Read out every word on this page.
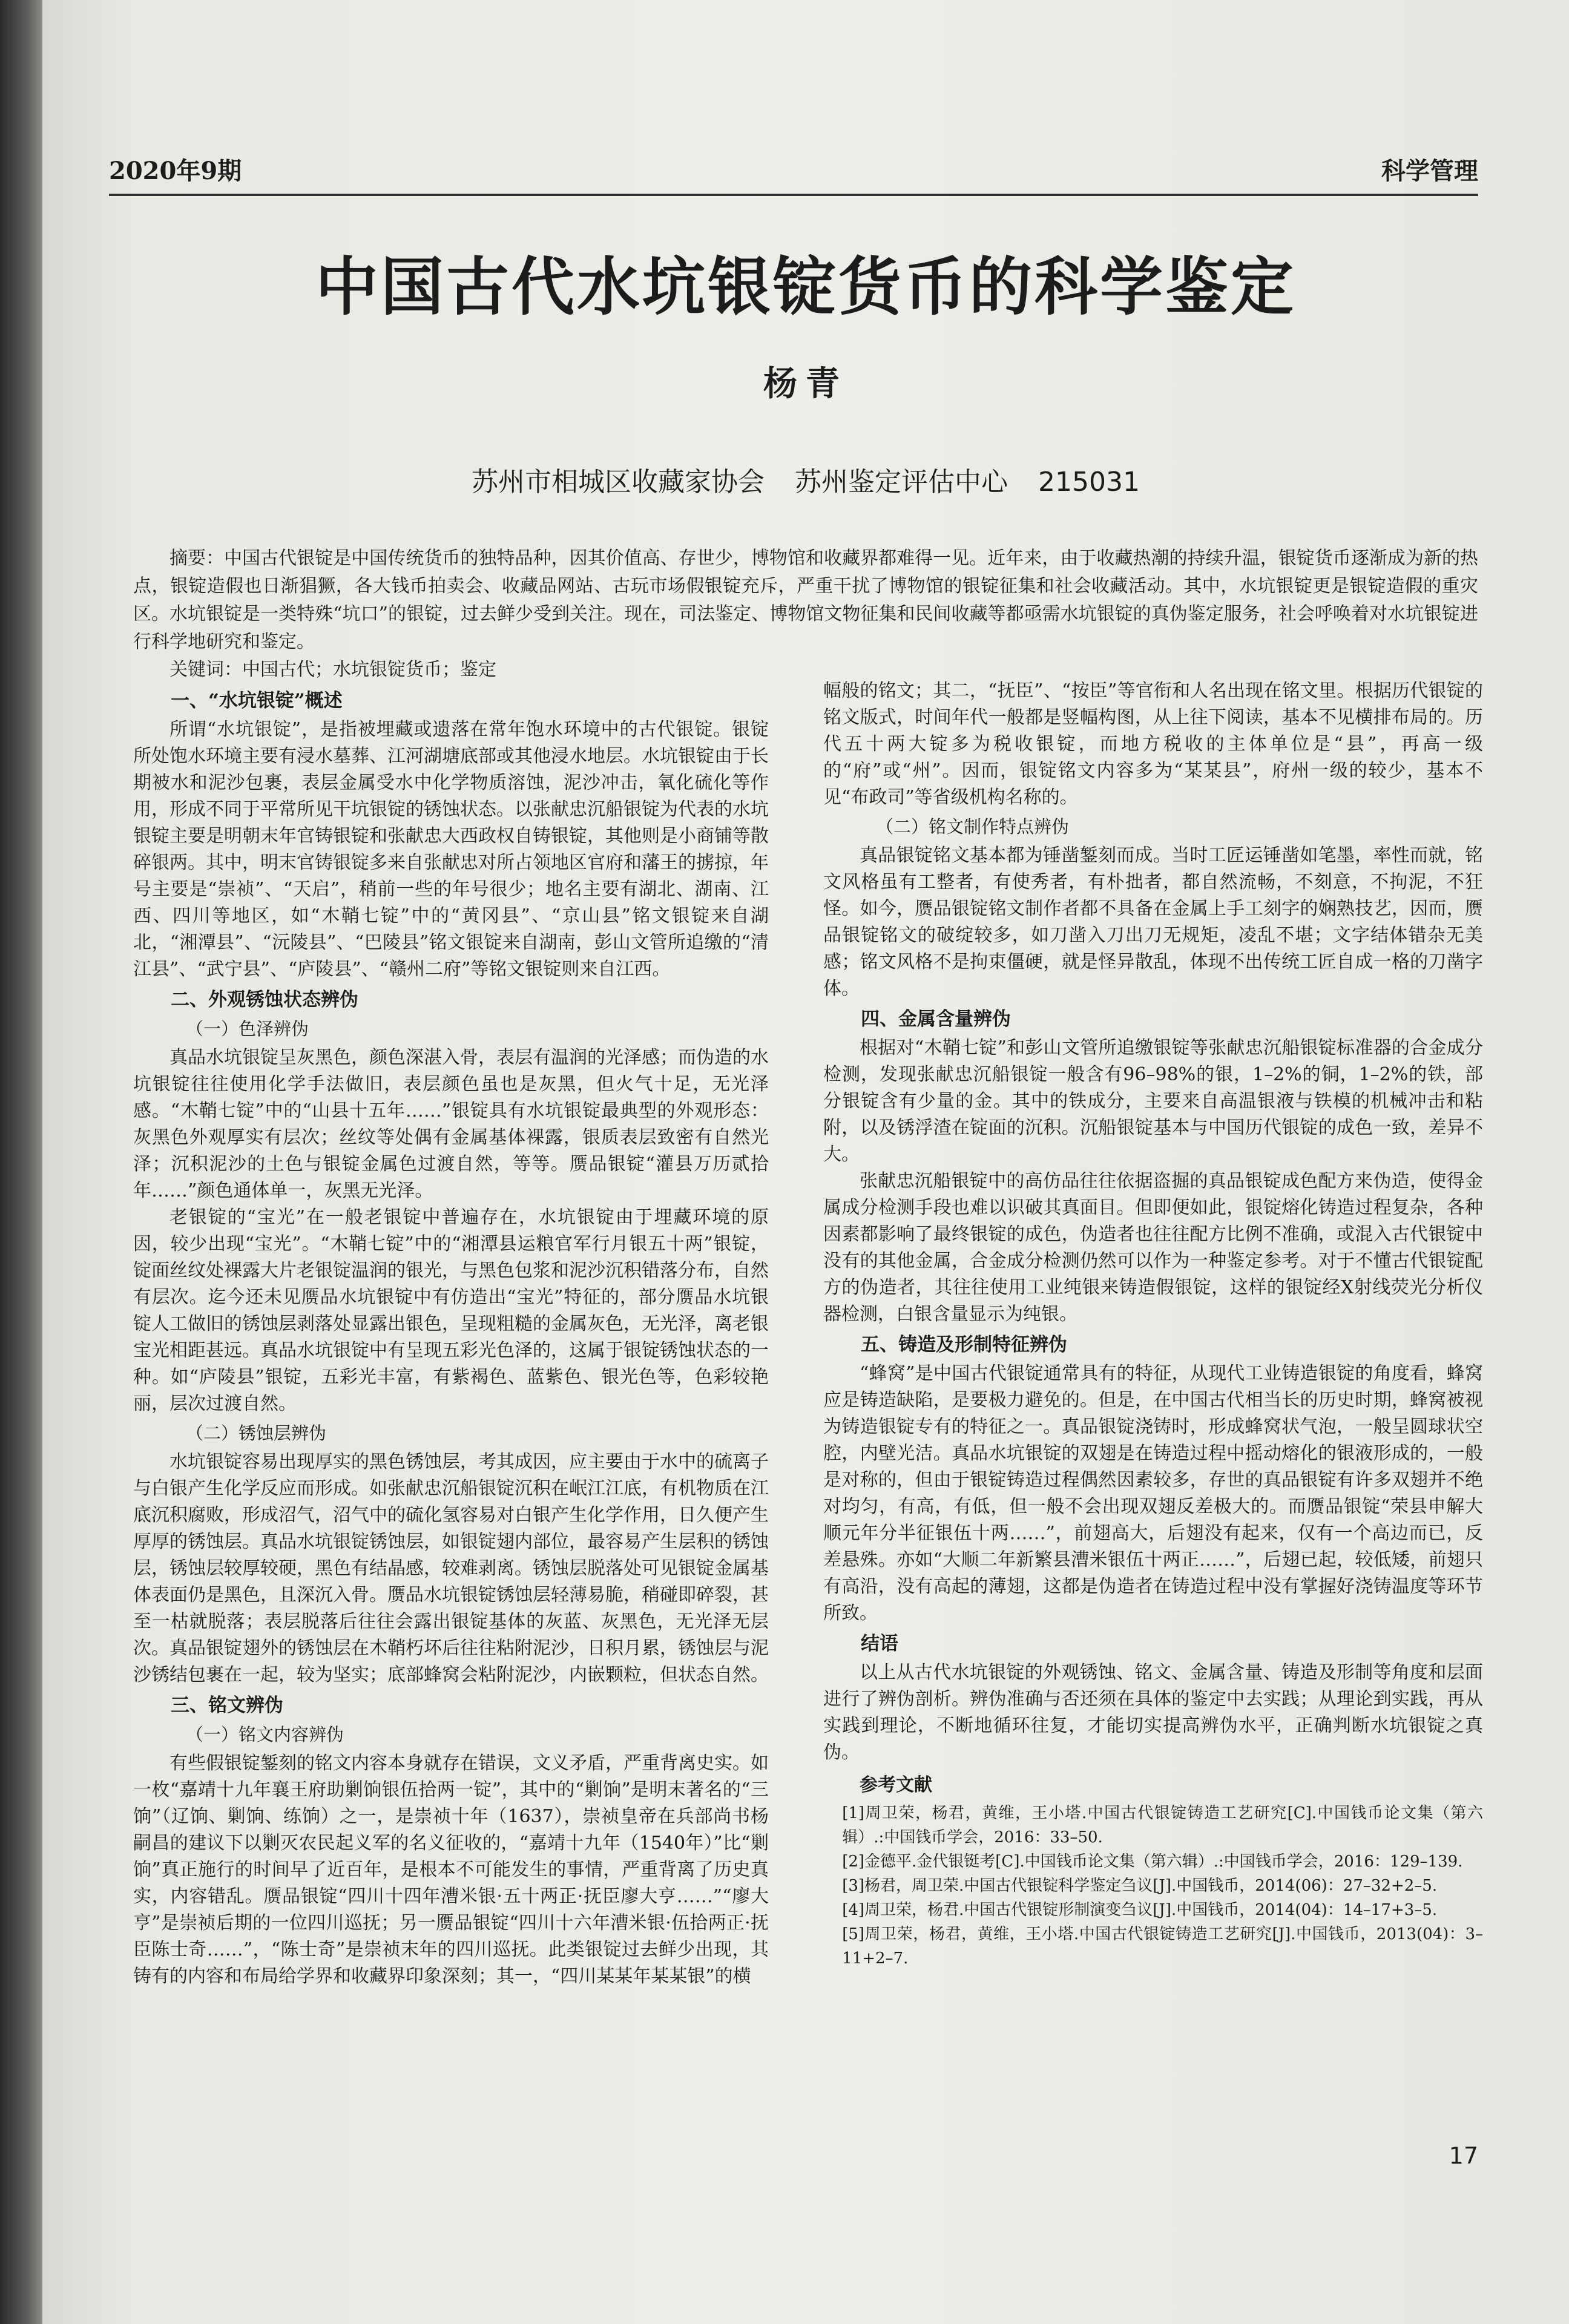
2020年9期	科学管理
中国古代水坑银锭货币的科学鉴定
杨青
苏州市相城区收藏家协会 苏州鉴定评估中心 215031

摘要：中国古代银锭是中国传统货币的独特品种，因其价值高、存世少，博物馆和收藏界都难得一见。近年来，由于收藏热潮的持续升温，银锭货币逐渐成为新的热点，银锭造假也日渐猖獗，各大钱币拍卖会、收藏品网站、古玩市场假银锭充斥，严重干扰了博物馆的银锭征集和社会收藏活动。其中，水坑银锭更是银锭造假的重灾区。水坑银锭是一类特殊“坑口”的银锭，过去鲜少受到关注。现在，司法鉴定、博物馆文物征集和民间收藏等都亟需水坑银锭的真伪鉴定服务，社会呼唤着对水坑银锭进行科学地研究和鉴定。

关键词：中国古代；水坑银锭货币；鉴定

一、“水坑银锭”概述

所谓“水坑银锭”，是指被埋藏或遗落在常年饱水环境中的古代银锭。银锭所处饱水环境主要有浸水墓葬、江河湖塘底部或其他浸水地层。水坑银锭由于长期被水和泥沙包裹，表层金属受水中化学物质溶蚀，泥沙冲击，氧化硫化等作用，形成不同于平常所见干坑银锭的锈蚀状态。以张献忠沉船银锭为代表的水坑银锭主要是明朝末年官铸银锭和张献忠大西政权自铸银锭，其他则是小商铺等散碎银两。其中，明末官铸银锭多来自张献忠对所占领地区官府和藩王的掳掠，年号主要是“崇祯”、“天启”，稍前一些的年号很少；地名主要有湖北、湖南、江西、四川等地区，如“木鞘七锭”中的“黄冈县”、“京山县”铭文银锭来自湖北，“湘潭县”、“沅陵县”、“巴陵县”铭文银锭来自湖南，彭山文管所追缴的“清江县”、“武宁县”、“庐陵县”、“赣州二府”等铭文银锭则来自江西。

二、外观锈蚀状态辨伪
（一）色泽辨伪

真品水坑银锭呈灰黑色，颜色深湛入骨，表层有温润的光泽感；而伪造的水坑银锭往往使用化学手法做旧，表层颜色虽也是灰黑，但火气十足，无光泽感。“木鞘七锭”中的“山县十五年……”银锭具有水坑银锭最典型的外观形态：灰黑色外观厚实有层次；丝纹等处偶有金属基体裸露，银质表层致密有自然光泽；沉积泥沙的土色与银锭金属色过渡自然，等等。赝品银锭“灌县万历贰拾年……”颜色通体单一，灰黑无光泽。

老银锭的“宝光”在一般老银锭中普遍存在，水坑银锭由于埋藏环境的原因，较少出现“宝光”。“木鞘七锭”中的“湘潭县运粮官军行月银五十两”银锭，锭面丝纹处裸露大片老银锭温润的银光，与黑色包浆和泥沙沉积错落分布，自然有层次。迄今还未见赝品水坑银锭中有仿造出“宝光”特征的，部分赝品水坑银锭人工做旧的锈蚀层剥落处显露出银色，呈现粗糙的金属灰色，无光泽，离老银宝光相距甚远。真品水坑银锭中有呈现五彩光色泽的，这属于银锭锈蚀状态的一种。如“庐陵县”银锭，五彩光丰富，有紫褐色、蓝紫色、银光色等，色彩较艳丽，层次过渡自然。

（二）锈蚀层辨伪

水坑银锭容易出现厚实的黑色锈蚀层，考其成因，应主要由于水中的硫离子与白银产生化学反应而形成。如张献忠沉船银锭沉积在岷江江底，有机物质在江底沉积腐败，形成沼气，沼气中的硫化氢容易对白银产生化学作用，日久便产生厚厚的锈蚀层。真品水坑银锭锈蚀层，如银锭翅内部位，最容易产生层积的锈蚀层，锈蚀层较厚较硬，黑色有结晶感，较难剥离。锈蚀层脱落处可见银锭金属基体表面仍是黑色，且深沉入骨。赝品水坑银锭锈蚀层轻薄易脆，稍碰即碎裂，甚至一枯就脱落；表层脱落后往往会露出银锭基体的灰蓝、灰黑色，无光泽无层次。真品银锭翅外的锈蚀层在木鞘朽坏后往往粘附泥沙，日积月累，锈蚀层与泥沙锈结包裹在一起，较为坚实；底部蜂窝会粘附泥沙，内嵌颗粒，但状态自然。

三、铭文辨伪
（一）铭文内容辨伪

有些假银锭錾刻的铭文内容本身就存在错误，文义矛盾，严重背离史实。如一枚“嘉靖十九年襄王府助剿饷银伍拾两一锭”，其中的“剿饷”是明末著名的“三饷”（辽饷、剿饷、练饷）之一，是崇祯十年（1637），崇祯皇帝在兵部尚书杨嗣昌的建议下以剿灭农民起义军的名义征收的，“嘉靖十九年（1540年）”比“剿饷”真正施行的时间早了近百年，是根本不可能发生的事情，严重背离了历史真实，内容错乱。赝品银锭“四川十四年漕米银·五十两正·抚臣廖大亨……”“廖大亨”是崇祯后期的一位四川巡抚；另一赝品银锭“四川十六年漕米银·伍拾两正·抚臣陈士奇……”，“陈士奇”是崇祯末年的四川巡抚。此类银锭过去鲜少出现，其铸有的内容和布局给学界和收藏界印象深刻；其一，“四川某某年某某银”的横

幅般的铭文；其二，“抚臣”、“按臣”等官衔和人名出现在铭文里。根据历代银锭的铭文版式，时间年代一般都是竖幅构图，从上往下阅读，基本不见横排布局的。历代五十两大锭多为税收银锭，而地方税收的主体单位是“县”，再高一级的“府”或“州”。因而，银锭铭文内容多为“某某县”，府州一级的较少，基本不见“布政司”等省级机构名称的。

（二）铭文制作特点辨伪

真品银锭铭文基本都为锤凿錾刻而成。当时工匠运锤凿如笔墨，率性而就，铭文风格虽有工整者，有使秀者，有朴拙者，都自然流畅，不刻意，不拘泥，不狂怪。如今，赝品银锭铭文制作者都不具备在金属上手工刻字的娴熟技艺，因而，赝品银锭铭文的破绽较多，如刀凿入刀出刀无规矩，凌乱不堪；文字结体错杂无美感；铭文风格不是拘束僵硬，就是怪异散乱，体现不出传统工匠自成一格的刀凿字体。

四、金属含量辨伪

根据对“木鞘七锭”和彭山文管所追缴银锭等张献忠沉船银锭标准器的合金成分检测，发现张献忠沉船银锭一般含有96–98%的银，1–2%的铜，1–2%的铁，部分银锭含有少量的金。其中的铁成分，主要来自高温银液与铁模的机械冲击和粘附，以及锈浮渣在锭面的沉积。沉船银锭基本与中国历代银锭的成色一致，差异不大。

张献忠沉船银锭中的高仿品往往依据盗掘的真品银锭成色配方来伪造，使得金属成分检测手段也难以识破其真面目。但即便如此，银锭熔化铸造过程复杂，各种因素都影响了最终银锭的成色，伪造者也往往配方比例不准确，或混入古代银锭中没有的其他金属，合金成分检测仍然可以作为一种鉴定参考。对于不懂古代银锭配方的伪造者，其往往使用工业纯银来铸造假银锭，这样的银锭经X射线荧光分析仪器检测，白银含量显示为纯银。

五、铸造及形制特征辨伪

“蜂窝”是中国古代银锭通常具有的特征，从现代工业铸造银锭的角度看，蜂窝应是铸造缺陷，是要极力避免的。但是，在中国古代相当长的历史时期，蜂窝被视为铸造银锭专有的特征之一。真品银锭浇铸时，形成蜂窝状气泡，一般呈圆球状空腔，内壁光洁。真品水坑银锭的双翅是在铸造过程中摇动熔化的银液形成的，一般是对称的，但由于银锭铸造过程偶然因素较多，存世的真品银锭有许多双翅并不绝对均匀，有高，有低，但一般不会出现双翅反差极大的。而赝品银锭“荣县申解大顺元年分半征银伍十两……”，前翅高大，后翅没有起来，仅有一个高边而已，反差悬殊。亦如“大顺二年新繁县漕米银伍十两正……”，后翅已起，较低矮，前翅只有高沿，没有高起的薄翅，这都是伪造者在铸造过程中没有掌握好浇铸温度等环节所致。

结语

以上从古代水坑银锭的外观锈蚀、铭文、金属含量、铸造及形制等角度和层面进行了辨伪剖析。辨伪准确与否还须在具体的鉴定中去实践；从理论到实践，再从实践到理论，不断地循环往复，才能切实提高辨伪水平，正确判断水坑银锭之真伪。

参考文献
[1]周卫荣，杨君，黄维，王小塔.中国古代银锭铸造工艺研究[C].中国钱币论文集（第六辑）.:中国钱币学会，2016：33–50.
[2]金德平.金代银铤考[C].中国钱币论文集（第六辑）.:中国钱币学会，2016：129–139.
[3]杨君，周卫荣.中国古代银锭科学鉴定刍议[J].中国钱币，2014(06)：27–32+2–5.
[4]周卫荣，杨君.中国古代银锭形制演变刍议[J].中国钱币，2014(04)：14–17+3–5.
[5]周卫荣，杨君，黄维，王小塔.中国古代银锭铸造工艺研究[J].中国钱币，2013(04)：3–11+2–7.
17
